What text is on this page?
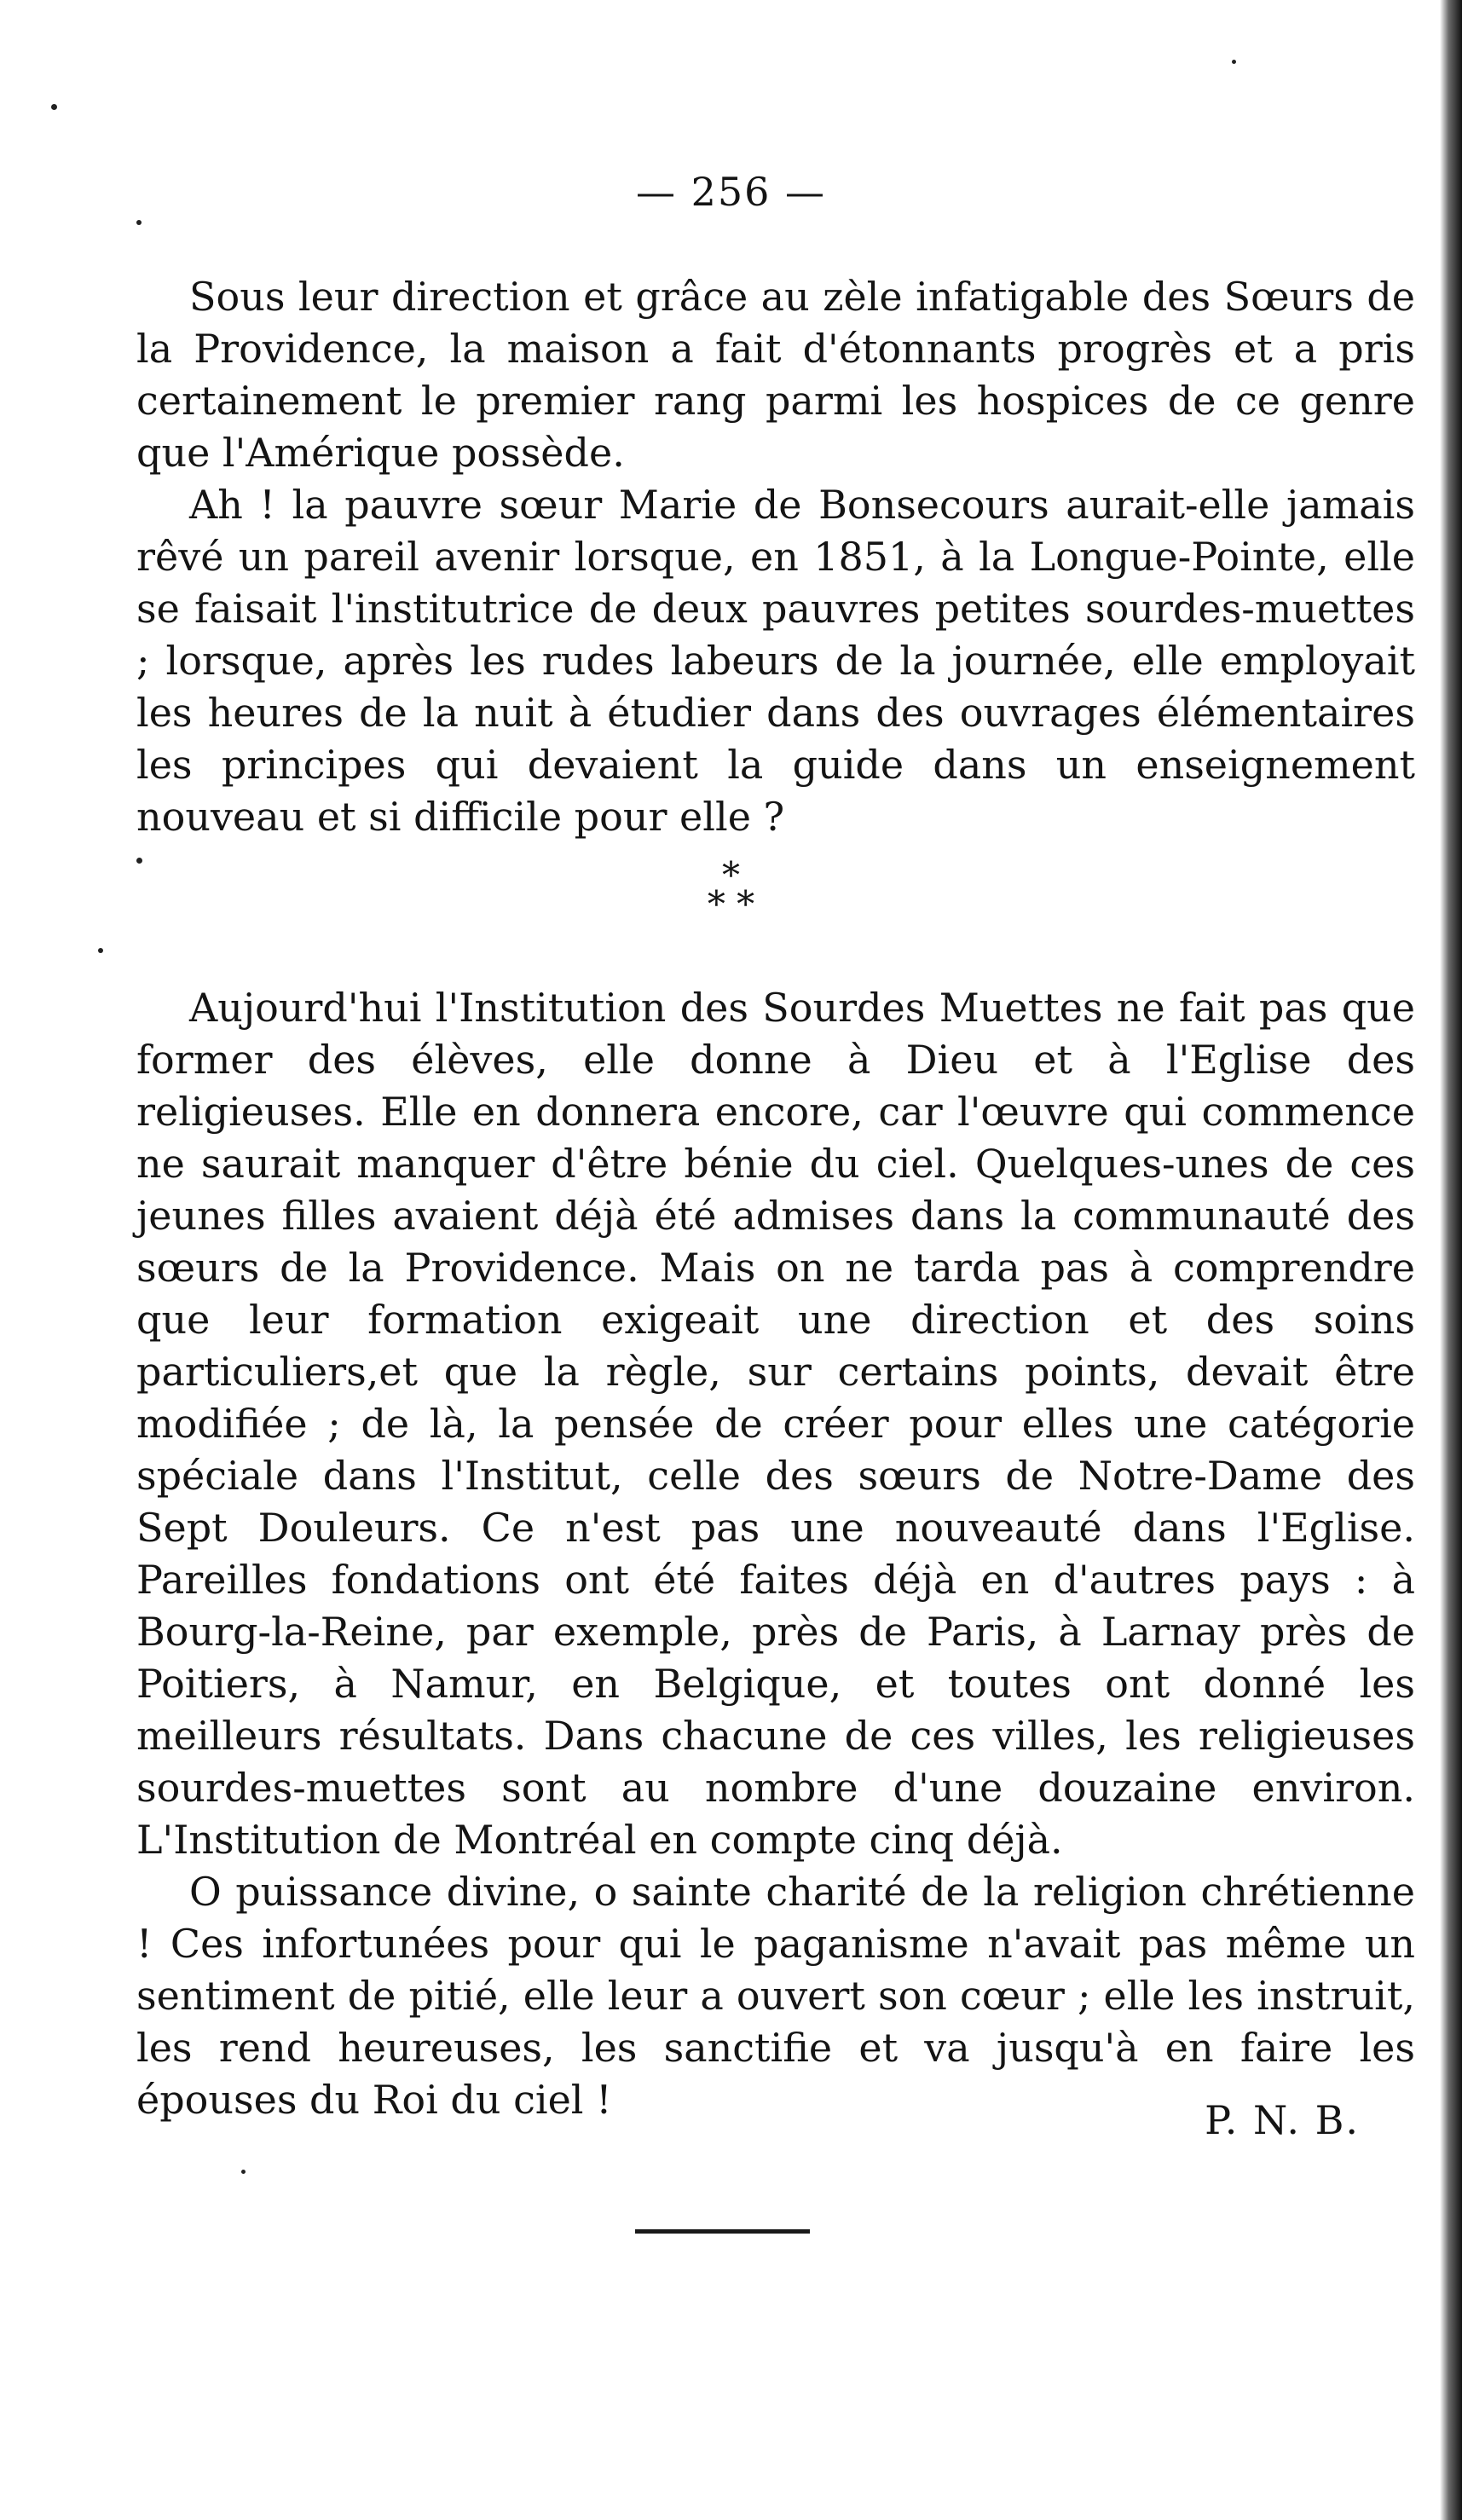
— 256 —

Sous leur direction et grâce au zèle infatigable des Sœurs de la Providence, la maison a fait d'étonnants progrès et a pris certainement le premier rang parmi les hospices de ce genre que l'Amérique possède.

Ah ! la pauvre sœur Marie de Bonsecours aurait-elle jamais rêvé un pareil avenir lorsque, en 1851, à la Longue-Pointe, elle se faisait l'institutrice de deux pauvres petites sourdes-muettes ; lorsque, après les rudes labeurs de la journée, elle employait les heures de la nuit à étudier dans des ouvrages élémentaires les principes qui devaient la guide dans un enseignement nouveau et si difficile pour elle ?

*
* *

Aujourd'hui l'Institution des Sourdes Muettes ne fait pas que former des élèves, elle donne à Dieu et à l'Eglise des religieuses. Elle en donnera encore, car l'œuvre qui commence ne saurait manquer d'être bénie du ciel. Quelques-unes de ces jeunes filles avaient déjà été admises dans la communauté des sœurs de la Providence. Mais on ne tarda pas à comprendre que leur formation exigeait une direction et des soins particuliers,et que la règle, sur certains points, devait être modifiée ; de là, la pensée de créer pour elles une catégorie spéciale dans l'Institut, celle des sœurs de Notre-Dame des Sept Douleurs. Ce n'est pas une nouveauté dans l'Eglise. Pareilles fondations ont été faites déjà en d'autres pays : à Bourg-la-Reine, par exemple, près de Paris, à Larnay près de Poitiers, à Namur, en Belgique, et toutes ont donné les meilleurs résultats. Dans chacune de ces villes, les religieuses sourdes-muettes sont au nombre d'une douzaine environ. L'Institution de Montréal en compte cinq déjà.

O puissance divine, o sainte charité de la religion chrétienne ! Ces infortunées pour qui le paganisme n'avait pas même un sentiment de pitié, elle leur a ouvert son cœur ; elle les instruit, les rend heureuses, les sanctifie et va jusqu'à en faire les épouses du Roi du ciel !	P. N. B.
